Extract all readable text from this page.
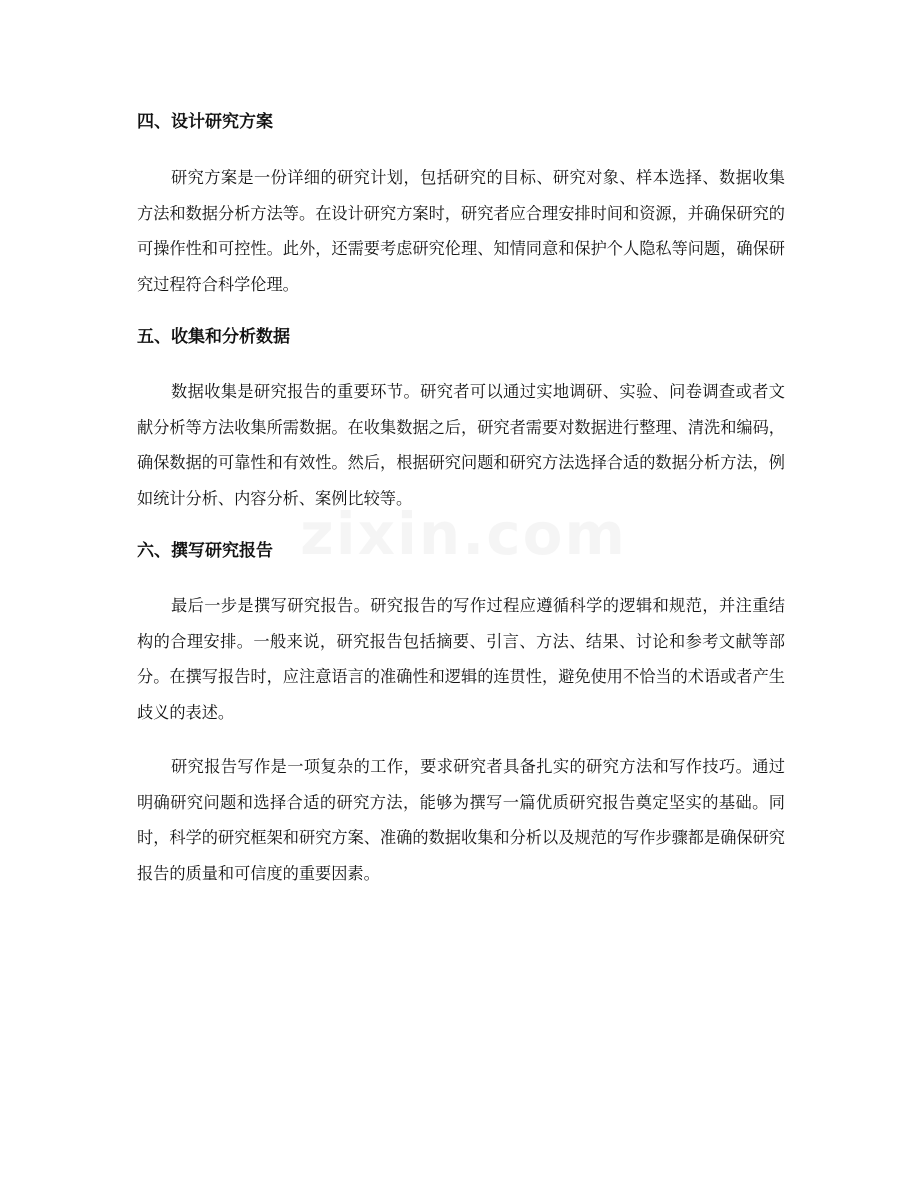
四、设计研究方案

研究方案是一份详细的研究计划，包括研究的目标、研究对象、样本选择、数据收集方法和数据分析方法等。在设计研究方案时，研究者应合理安排时间和资源，并确保研究的可操作性和可控性。此外，还需要考虑研究伦理、知情同意和保护个人隐私等问题，确保研究过程符合科学伦理。

五、收集和分析数据

数据收集是研究报告的重要环节。研究者可以通过实地调研、实验、问卷调查或者文献分析等方法收集所需数据。在收集数据之后，研究者需要对数据进行整理、清洗和编码，确保数据的可靠性和有效性。然后，根据研究问题和研究方法选择合适的数据分析方法，例如统计分析、内容分析、案例比较等。

六、撰写研究报告

最后一步是撰写研究报告。研究报告的写作过程应遵循科学的逻辑和规范，并注重结构的合理安排。一般来说，研究报告包括摘要、引言、方法、结果、讨论和参考文献等部分。在撰写报告时，应注意语言的准确性和逻辑的连贯性，避免使用不恰当的术语或者产生歧义的表述。

研究报告写作是一项复杂的工作，要求研究者具备扎实的研究方法和写作技巧。通过明确研究问题和选择合适的研究方法，能够为撰写一篇优质研究报告奠定坚实的基础。同时，科学的研究框架和研究方案、准确的数据收集和分析以及规范的写作步骤都是确保研究报告的质量和可信度的重要因素。
